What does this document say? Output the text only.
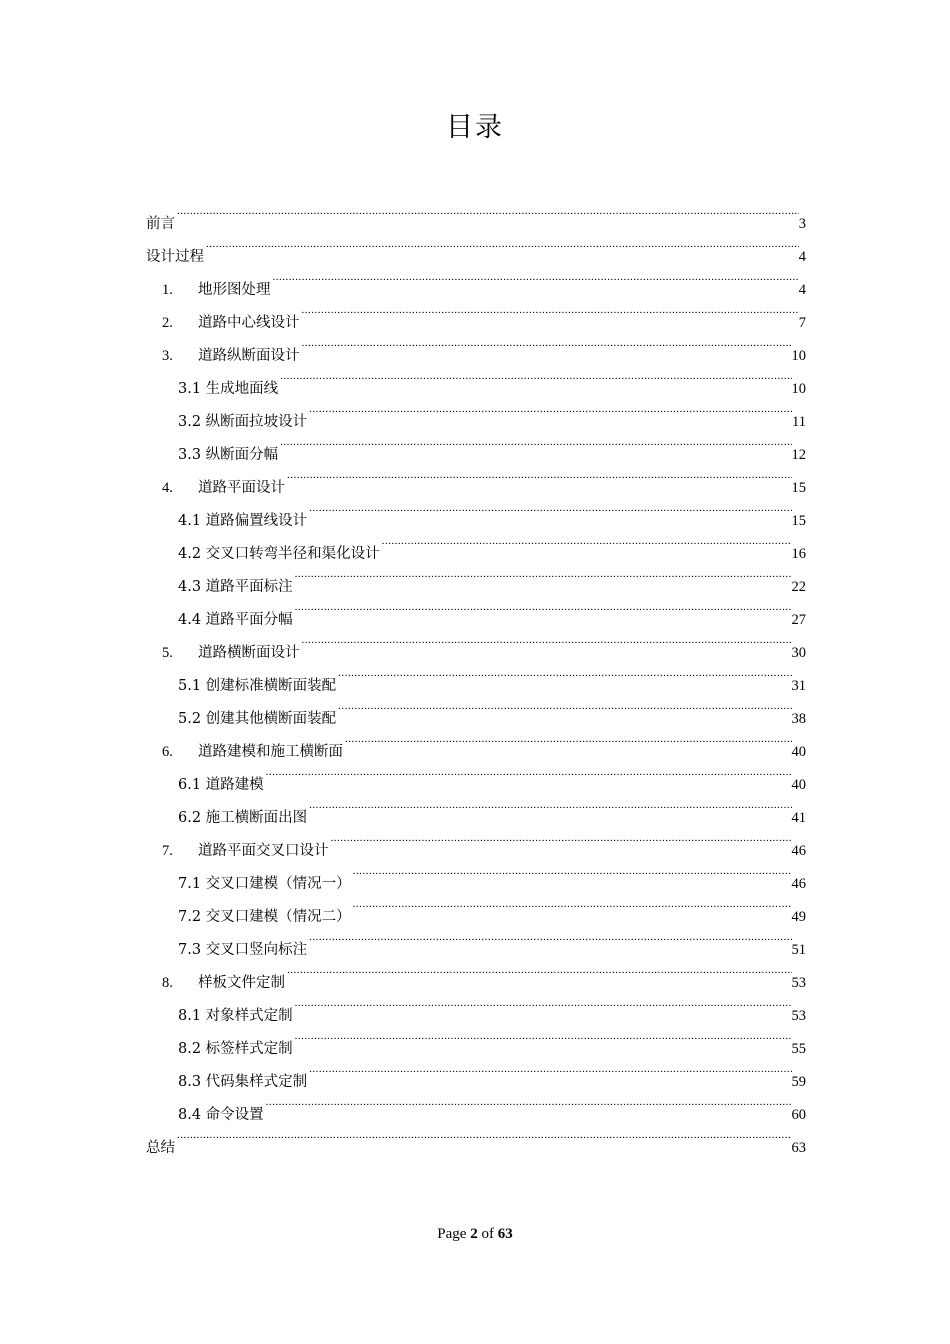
目录
前言 .....	3
设计过程 .....	4
1.	地形图处理 .....	4
2.	道路中心线设计 .....	7
3.	道路纵断面设计 .....	10
3.1 生成地面线 .....	10
3.2 纵断面拉坡设计 .....	11
3.3 纵断面分幅 .....	12
4.	道路平面设计 .....	15
4.1 道路偏置线设计 .....	15
4.2 交叉口转弯半径和渠化设计 .....	16
4.3 道路平面标注 .....	22
4.4 道路平面分幅 .....	27
5.	道路横断面设计 .....	30
5.1 创建标准横断面装配 .....	31
5.2 创建其他横断面装配 .....	38
6.	道路建模和施工横断面 .....	40
6.1 道路建模 .....	40
6.2 施工横断面出图 .....	41
7.	道路平面交叉口设计 .....	46
7.1 交叉口建模（情况一） .....	46
7.2 交叉口建模（情况二） .....	49
7.3 交叉口竖向标注 .....	51
8.	样板文件定制 .....	53
8.1 对象样式定制 .....	53
8.2 标签样式定制 .....	55
8.3 代码集样式定制 .....	59
8.4 命令设置 .....	60
总结 .....	63
Page 2 of 63
